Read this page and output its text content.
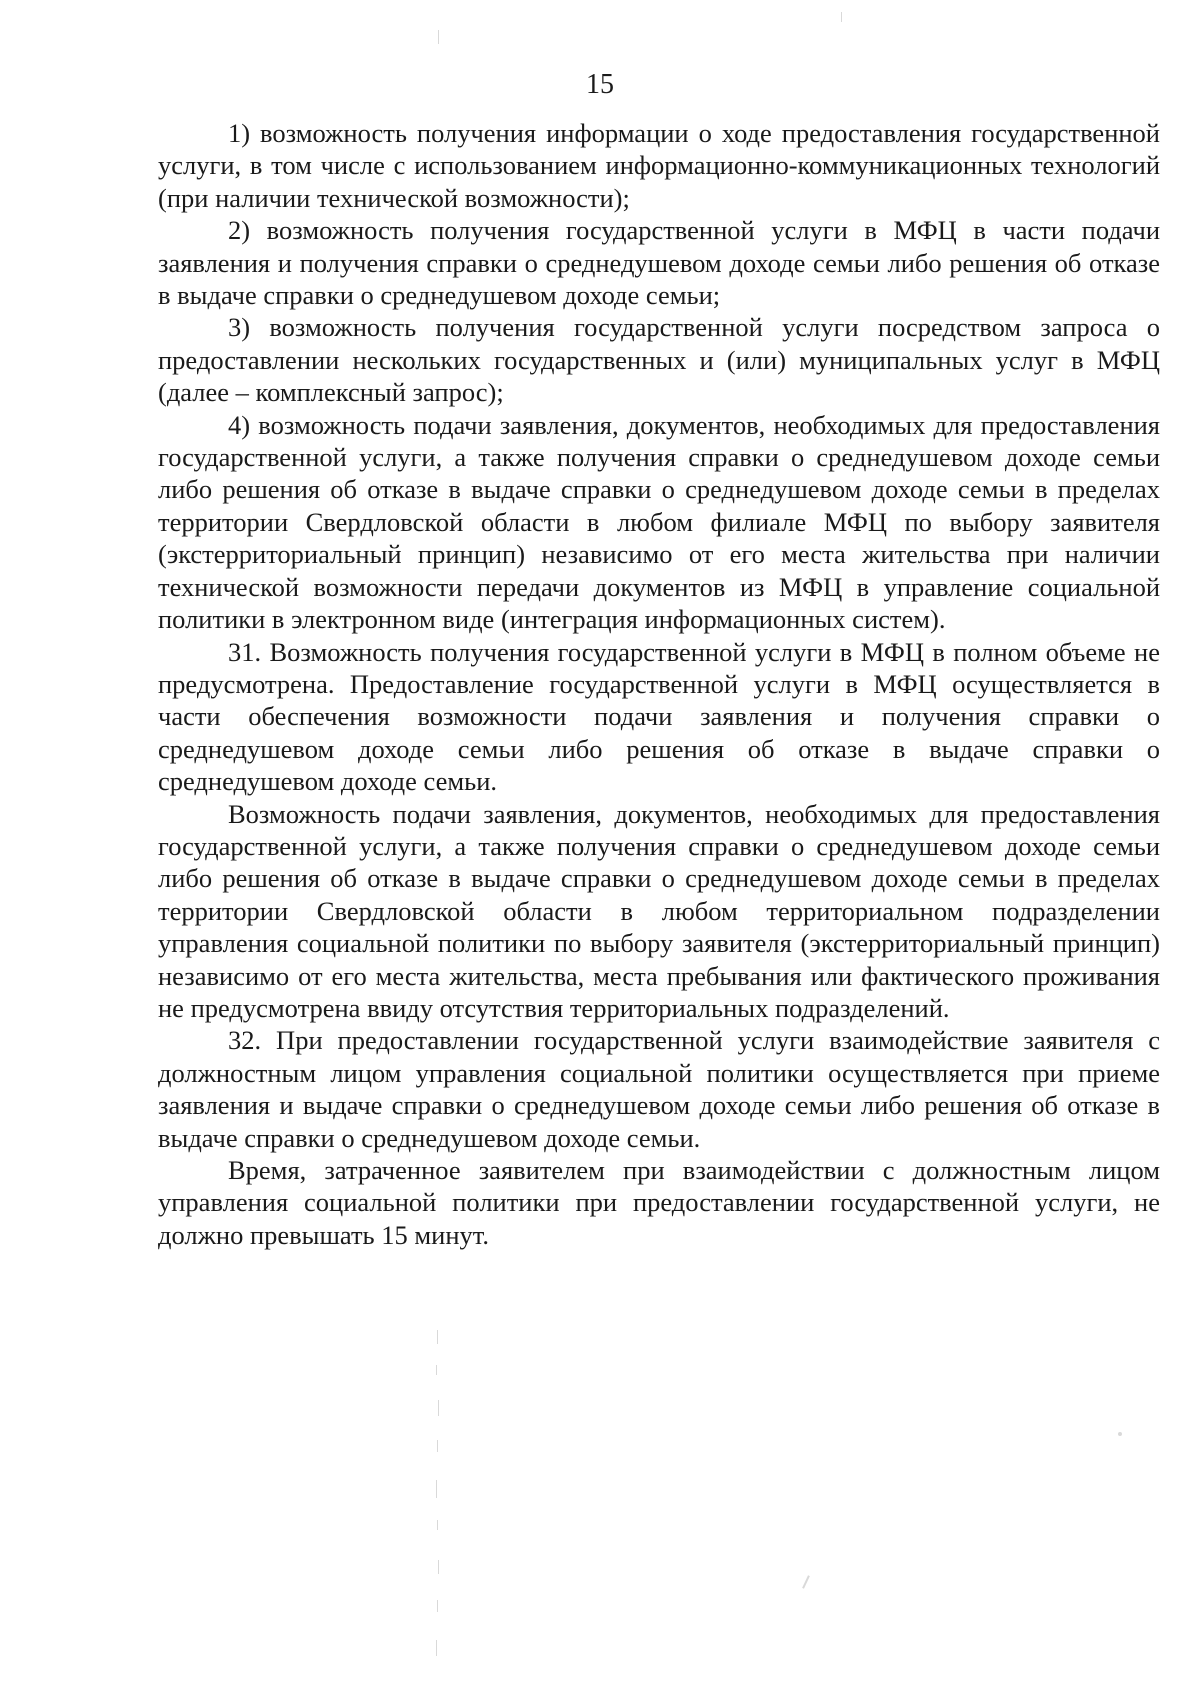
15

1) возможность получения информации о ходе предоставления государственной услуги, в том числе с использованием информационно-коммуникационных технологий (при наличии технической возможности);

2) возможность получения государственной услуги в МФЦ в части подачи заявления и получения справки о среднедушевом доходе семьи либо решения об отказе в выдаче справки о среднедушевом доходе семьи;

3) возможность получения государственной услуги посредством запроса о предоставлении нескольких государственных и (или) муниципальных услуг в МФЦ (далее – комплексный запрос);

4) возможность подачи заявления, документов, необходимых для предоставления государственной услуги, а также получения справки о среднедушевом доходе семьи либо решения об отказе в выдаче справки о среднедушевом доходе семьи в пределах территории Свердловской области в любом филиале МФЦ по выбору заявителя (экстерриториальный принцип) независимо от его места жительства при наличии технической возможности передачи документов из МФЦ в управление социальной политики в электронном виде (интеграция информационных систем).

31. Возможность получения государственной услуги в МФЦ в полном объеме не предусмотрена. Предоставление государственной услуги в МФЦ осуществляется в части обеспечения возможности подачи заявления и получения справки о среднедушевом доходе семьи либо решения об отказе в выдаче справки о среднедушевом доходе семьи.

Возможность подачи заявления, документов, необходимых для предоставления государственной услуги, а также получения справки о среднедушевом доходе семьи либо решения об отказе в выдаче справки о среднедушевом доходе семьи в пределах территории Свердловской области в любом территориальном подразделении управления социальной политики по выбору заявителя (экстерриториальный принцип) независимо от его места жительства, места пребывания или фактического проживания не предусмотрена ввиду отсутствия территориальных подразделений.

32. При предоставлении государственной услуги взаимодействие заявителя с должностным лицом управления социальной политики осуществляется при приеме заявления и выдаче справки о среднедушевом доходе семьи либо решения об отказе в выдаче справки о среднедушевом доходе семьи.

Время, затраченное заявителем при взаимодействии с должностным лицом управления социальной политики при предоставлении государственной услуги, не должно превышать 15 минут.
